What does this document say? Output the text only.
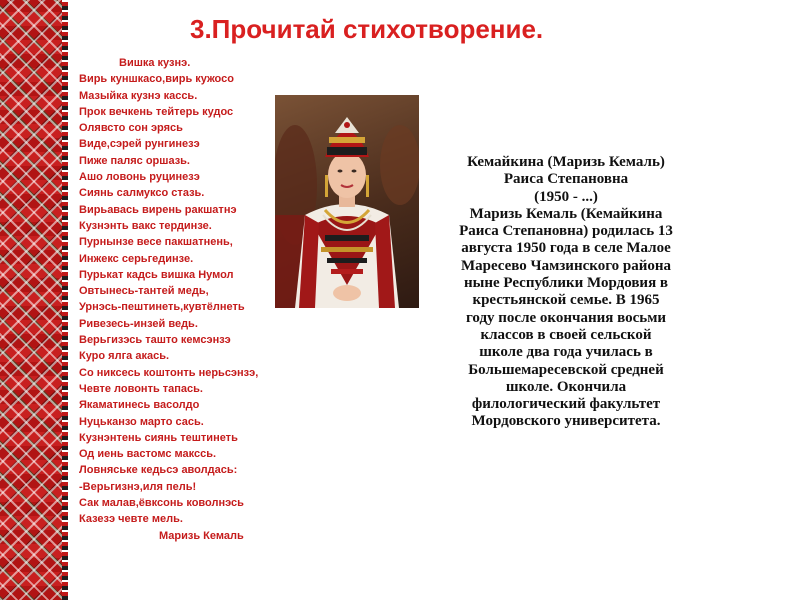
3.Прочитай стихотворение.
Вишка кузнэ.
Вирь куншкасо,вирь кужосо
Мазыйка кузнэ кассь.
Прок вечкень тейтерь кудос
Олявсто сон эрясь
Виде,сэрей рунгинезэ
Пиже паляс оршазь.
Ашо ловонь руцинезэ
Сиянь салмуксо стазь.
Вирьавась вирень ракшатнэ
Кузнэнть вакс тердинзе.
Пурнынзе весе пакшатнень,
Инжекс серьгединзе.
Пурькат кадсь вишка Нумол
Овтынесь-тантей медь,
Урнэсь-пештинеть,кувтёлнеть
Ривезесь-инзей ведь.
Верьгизэсь ташто кемсэнзэ
Куро ялга акась.
Со никсесь коштонть нерьсэнзэ,
Чевте ловонть тапась.
Якаматинесь васолдо
Нуцьканзо марто сась.
Кузнэнтень сиянь тештинеть
Од иень вастомс макссь.
Ловняське кедьсэ аволдась:
-Верьгизнэ,иля пель!
Сак малав,ёвксонь коволнэсь
Казезэ чевте мель.
Маризь Кемаль
Кемайкина (Маризь Кемаль)
Раиса Степановна
(1950 - ...)
Маризь Кемаль (Кемайкина
Раиса Степановна) родилась 13
августа 1950 года в селе Малое
Маресево Чамзинского района
ныне Республики Мордовия в
крестьянской семье. В 1965
году после окончания восьми
классов в своей сельской
школе два года училась в
Большемаресевской средней
школе. Окончила
филологический факультет
Мордовского университета.
